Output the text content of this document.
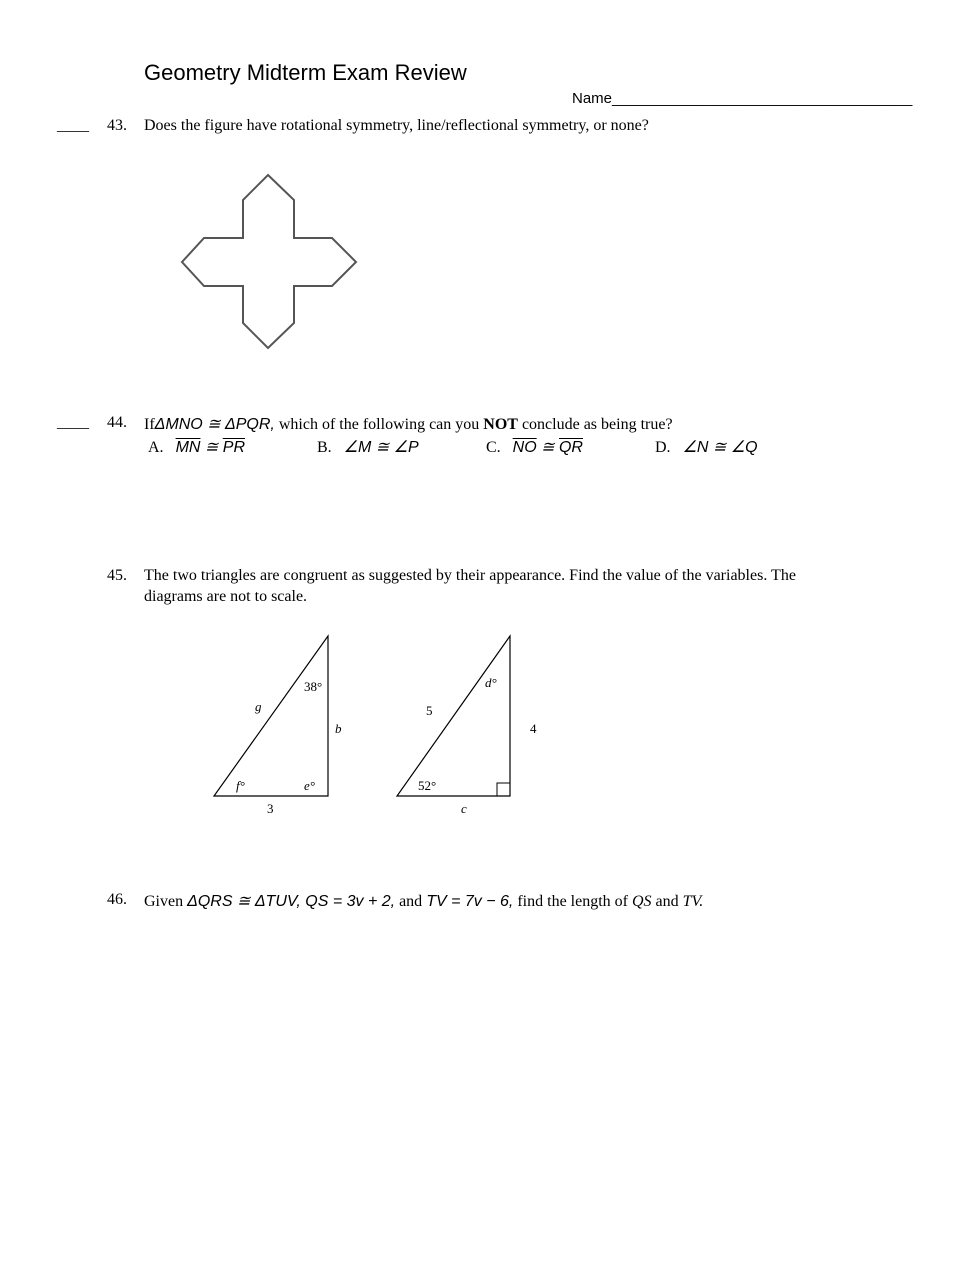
Geometry Midterm Exam Review
Name____________________________________
____ 43. Does the figure have rotational symmetry, line/reflectional symmetry, or none?
____ 44. IfΔMNO ≅ ΔPQR, which of the following can you NOT conclude as being true?
A. $\overline{MN}$ ≅ $\overline{PR}$	B. ∠M ≅ ∠P	C. $\overline{NO}$ ≅ $\overline{QR}$	D. ∠N ≅ ∠Q
45. The two triangles are congruent as suggested by their appearance. Find the value of the variables. The
diagrams are not to scale.
38°
g
b
f°	e°
3
d°
5
4
52°
c
46. Given ΔQRS ≅ ΔTUV, QS = 3v + 2, and TV = 7v − 6, find the length of QS and TV.
